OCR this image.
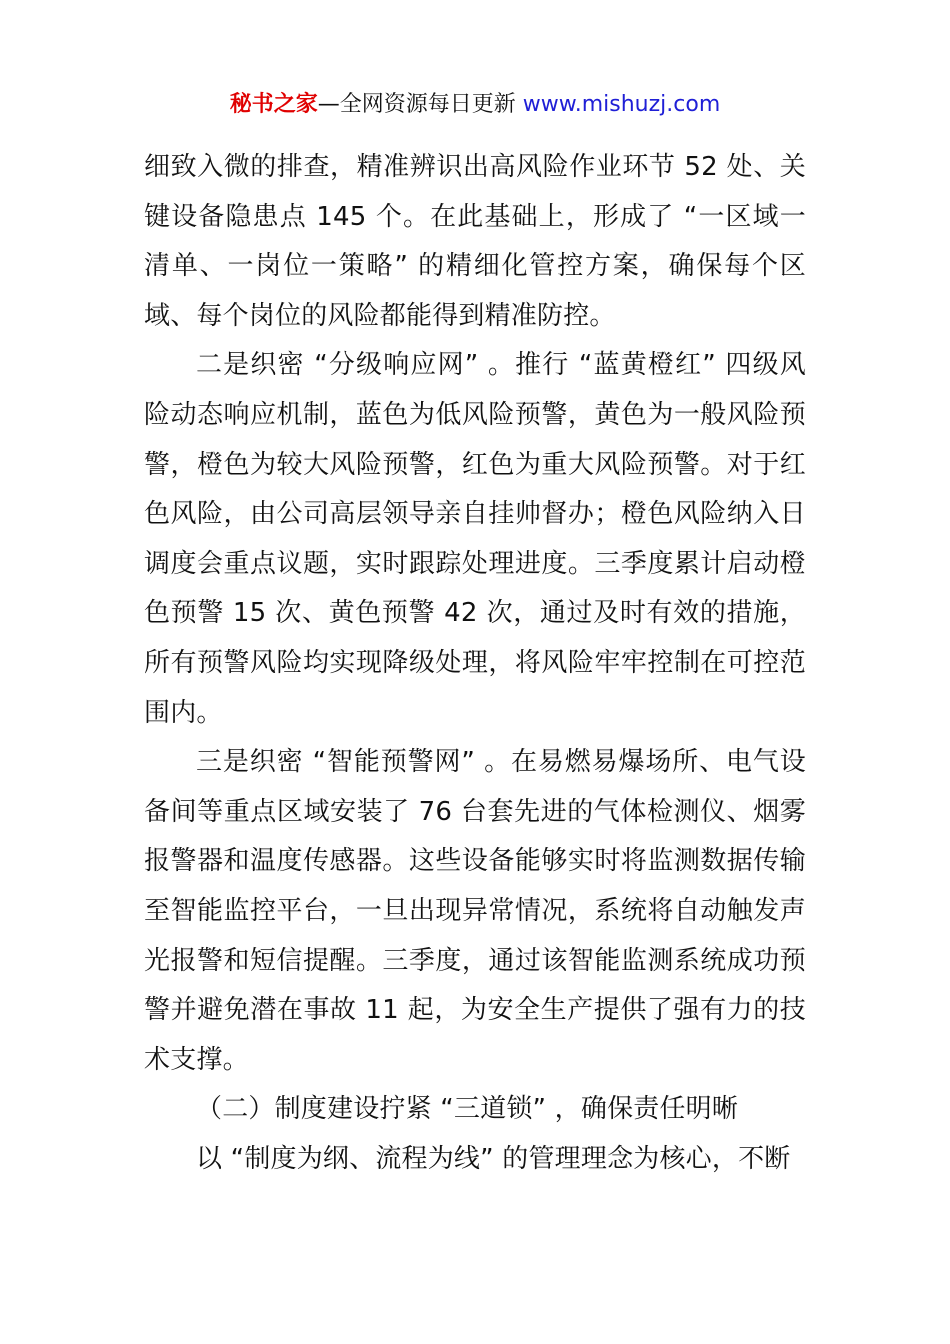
秘书之家—全网资源每日更新 www.mishuzj.com

细致入微的排查，精准辨识出高风险作业环节 52 处、关键设备隐患点 145 个。在此基础上，形成了 “一区域一清单、一岗位一策略” 的精细化管控方案，确保每个区域、每个岗位的风险都能得到精准防控。

二是织密 “分级响应网” 。推行 “蓝黄橙红” 四级风险动态响应机制，蓝色为低风险预警，黄色为一般风险预警，橙色为较大风险预警，红色为重大风险预警。对于红色风险，由公司高层领导亲自挂帅督办；橙色风险纳入日调度会重点议题，实时跟踪处理进度。三季度累计启动橙色预警 15 次、黄色预警 42 次，通过及时有效的措施，所有预警风险均实现降级处理，将风险牢牢控制在可控范围内。

三是织密 “智能预警网” 。在易燃易爆场所、电气设备间等重点区域安装了 76 台套先进的气体检测仪、烟雾报警器和温度传感器。这些设备能够实时将监测数据传输至智能监控平台，一旦出现异常情况，系统将自动触发声光报警和短信提醒。三季度，通过该智能监测系统成功预警并避免潜在事故 11 起，为安全生产提供了强有力的技术支撑。

（二）制度建设拧紧 “三道锁” ，确保责任明晰

以 “制度为纲、流程为线” 的管理理念为核心，不断
